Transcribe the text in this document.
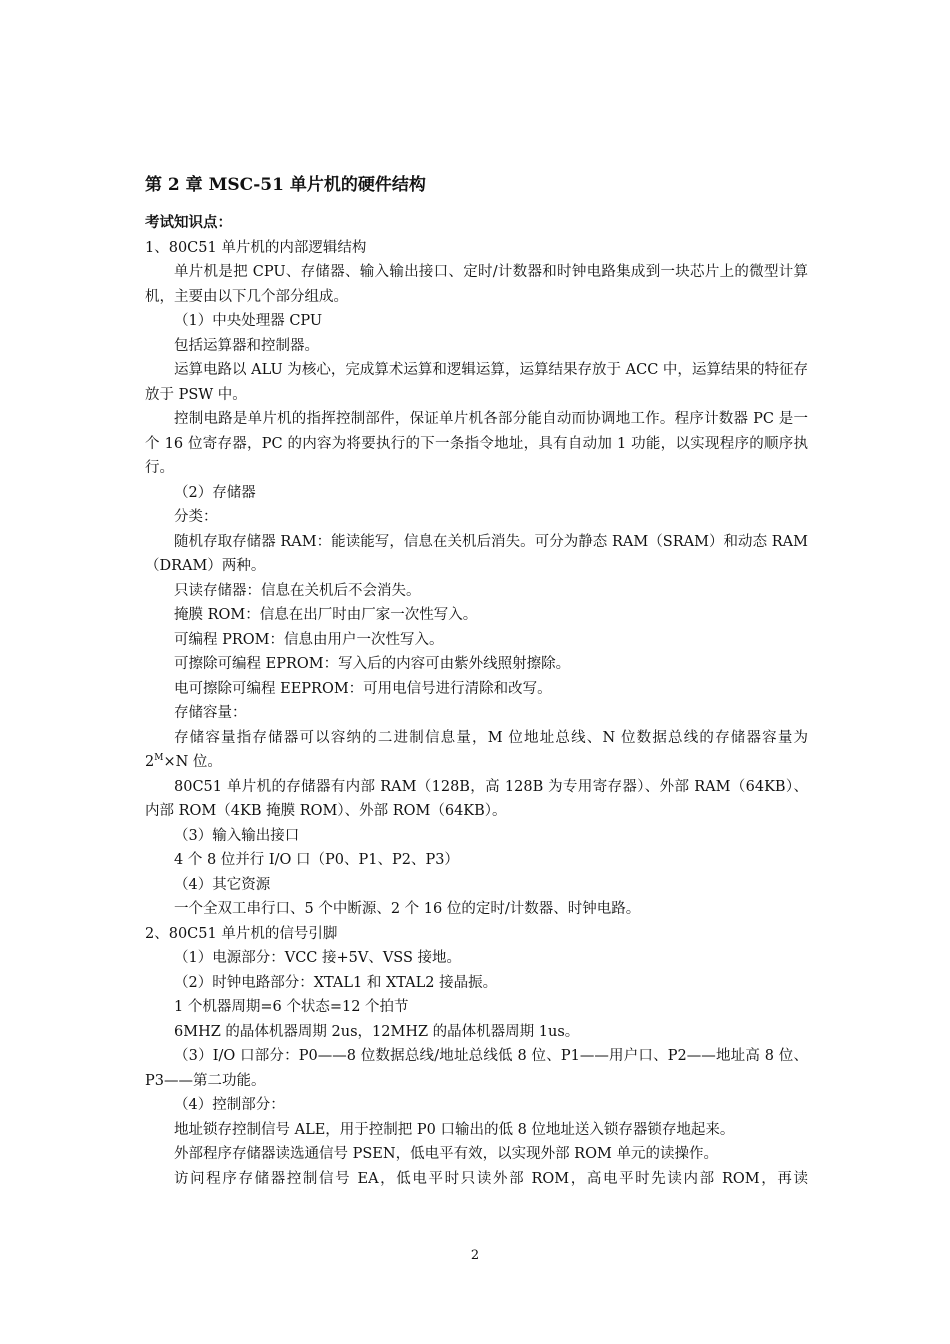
第 2 章 MSC-51 单片机的硬件结构
考试知识点：
1、80C51 单片机的内部逻辑结构
单片机是把 CPU、存储器、输入输出接口、定时/计数器和时钟电路集成到一块芯片上的微型计算机，主要由以下几个部分组成。
（1）中央处理器 CPU
包括运算器和控制器。
运算电路以 ALU 为核心，完成算术运算和逻辑运算，运算结果存放于 ACC 中，运算结果的特征存放于 PSW 中。
控制电路是单片机的指挥控制部件，保证单片机各部分能自动而协调地工作。程序计数器 PC 是一个 16 位寄存器，PC 的内容为将要执行的下一条指令地址，具有自动加 1 功能，以实现程序的顺序执行。
（2）存储器
分类：
随机存取存储器 RAM：能读能写，信息在关机后消失。可分为静态 RAM（SRAM）和动态 RAM（DRAM）两种。
只读存储器：信息在关机后不会消失。
掩膜 ROM：信息在出厂时由厂家一次性写入。
可编程 PROM：信息由用户一次性写入。
可擦除可编程 EPROM：写入后的内容可由紫外线照射擦除。
电可擦除可编程 EEPROM：可用电信号进行清除和改写。
存储容量：
存储容量指存储器可以容纳的二进制信息量，M 位地址总线、N 位数据总线的存储器容量为 $2^M\times N$ 位。
80C51 单片机的存储器有内部 RAM（128B，高 128B 为专用寄存器）、外部 RAM（64KB）、内部 ROM（4KB 掩膜 ROM）、外部 ROM（64KB）。
（3）输入输出接口
4 个 8 位并行 I/O 口（P0、P1、P2、P3）
（4）其它资源
一个全双工串行口、5 个中断源、2 个 16 位的定时/计数器、时钟电路。
2、80C51 单片机的信号引脚
（1）电源部分：VCC 接+5V、VSS 接地。
（2）时钟电路部分：XTAL1 和 XTAL2 接晶振。
1 个机器周期=6 个状态=12 个拍节
6MHZ 的晶体机器周期 2us，12MHZ 的晶体机器周期 1us。
（3）I/O 口部分：P0——8 位数据总线/地址总线低 8 位、P1——用户口、P2——地址高 8 位、P3——第二功能。
（4）控制部分：
地址锁存控制信号 ALE，用于控制把 P0 口输出的低 8 位地址送入锁存器锁存地起来。
外部程序存储器读选通信号 PSEN，低电平有效，以实现外部 ROM 单元的读操作。
访问程序存储器控制信号 EA，低电平时只读外部 ROM，高电平时先读内部 ROM，再读
2
